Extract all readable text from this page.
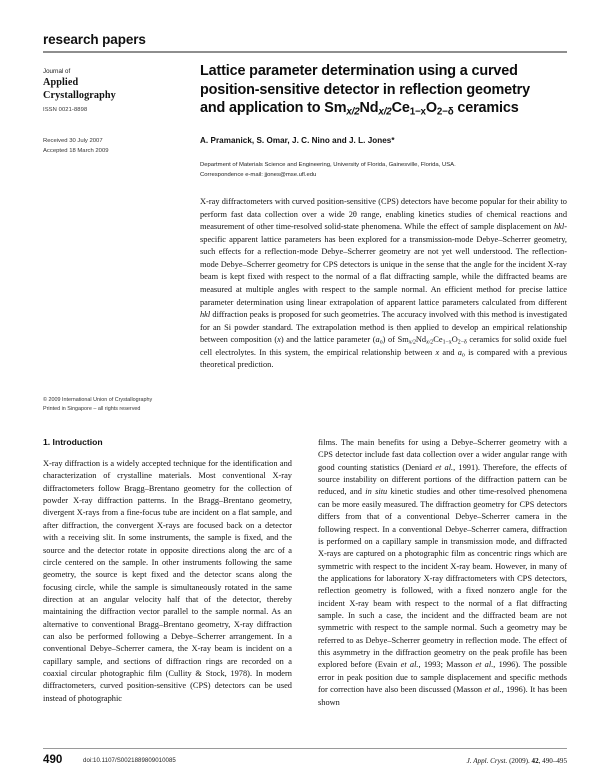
research papers
Journal of
Applied
Crystallography
ISSN 0021-8898
Received 30 July 2007
Accepted 18 March 2009
© 2009 International Union of Crystallography
Printed in Singapore – all rights reserved
Lattice parameter determination using a curved
position-sensitive detector in reflection geometry
and application to $Sm_{x/2}Nd_{x/2}Ce_{1-x}O_{2-\delta}$ ceramics
A. Pramanick, S. Omar, J. C. Nino and J. L. Jones*
Department of Materials Science and Engineering, University of Florida, Gainesville, Florida, USA.
Correspondence e-mail: jjones@mse.ufl.edu
X-ray diffractometers with curved position-sensitive (CPS) detectors have become popular for their ability to perform fast data collection over a wide 2θ range, enabling kinetics studies of chemical reactions and measurement of other time-resolved solid-state phenomena. While the effect of sample displacement on hkl-specific apparent lattice parameters has been explored for a transmission-mode Debye–Scherrer geometry, such effects for a reflection-mode Debye–Scherrer geometry are not yet well understood. The reflection-mode Debye–Scherrer geometry for CPS detectors is unique in the sense that the angle for the incident X-ray beam is kept fixed with respect to the normal of a flat diffracting sample, while the diffracted beams are measured at multiple angles with respect to the sample normal. An efficient method for precise lattice parameter determination using linear extrapolation of apparent lattice parameters calculated from different hkl diffraction peaks is proposed for such geometries. The accuracy involved with this method is investigated for an Si powder standard. The extrapolation method is then applied to develop an empirical relationship between composition (x) and the lattice parameter $(a_o)$ of $Sm_{x/2}Nd_{x/2}Ce_{1-x}O_{2-\delta}$ ceramics for solid oxide fuel cell electrolytes. In this system, the empirical relationship between x and $a_o$ is compared with a previous theoretical prediction.
1. Introduction

X-ray diffraction is a widely accepted technique for the identification and characterization of crystalline materials. Most conventional X-ray diffractometers follow Bragg–Brentano geometry for the collection of powder X-ray diffraction patterns. In the Bragg–Brentano geometry, divergent X-rays from a fine-focus tube are incident on a flat sample, and after diffraction, the convergent X-rays are focused back on a detector with a receiving slit. In some instruments, the sample is fixed, and the source and the detector rotate in opposite directions along the arc of a circle centered on the sample. In other instruments following the same geometry, the source is kept fixed and the detector scans along the focusing circle, while the sample is simultaneously rotated in the same direction at an angular velocity half that of the detector, thereby maintaining the diffraction vector parallel to the sample normal. As an alternative to conventional Bragg–Brentano geometry, X-ray diffraction can also be performed following a Debye–Scherrer arrangement. In a conventional Debye–Scherrer camera, the X-ray beam is incident on a capillary sample, and sections of diffraction rings are recorded on a coaxial circular photographic film (Cullity & Stock, 1978). In modern diffractometers, curved position-sensitive (CPS) detectors can be used instead of photographic

films. The main benefits for using a Debye–Scherrer geometry with a CPS detector include fast data collection over a wider angular range with good counting statistics (Deniard et al., 1991). Therefore, the effects of source instability on different portions of the diffraction pattern can be reduced, and in situ kinetic studies and other time-resolved phenomena can be more easily measured. The diffraction geometry for CPS detectors differs from that of a conventional Debye–Scherrer camera in the following respect. In a conventional Debye–Scherrer camera, diffraction is performed on a capillary sample in transmission mode, and diffracted X-rays are captured on a photographic film as concentric rings which are symmetric with respect to the incident X-ray beam. However, in many of the applications for laboratory X-ray diffractometers with CPS detectors, reflection geometry is followed, with a fixed nonzero angle for the incident X-ray beam with respect to the normal of a flat diffracting sample. In such a case, the incident and the diffracted beam are not symmetric with respect to the sample normal. Such a geometry may be referred to as Debye–Scherrer geometry in reflection mode. The effect of this asymmetry in the diffraction geometry on the peak profile has been explored before (Evain et al., 1993; Masson et al., 1996). The possible error in peak position due to sample displacement and specific methods for correction have also been discussed (Masson et al., 1996). It has been shown

490	doi:10.1107/S0021889809010085	J. Appl. Cryst. (2009). 42, 490–495
